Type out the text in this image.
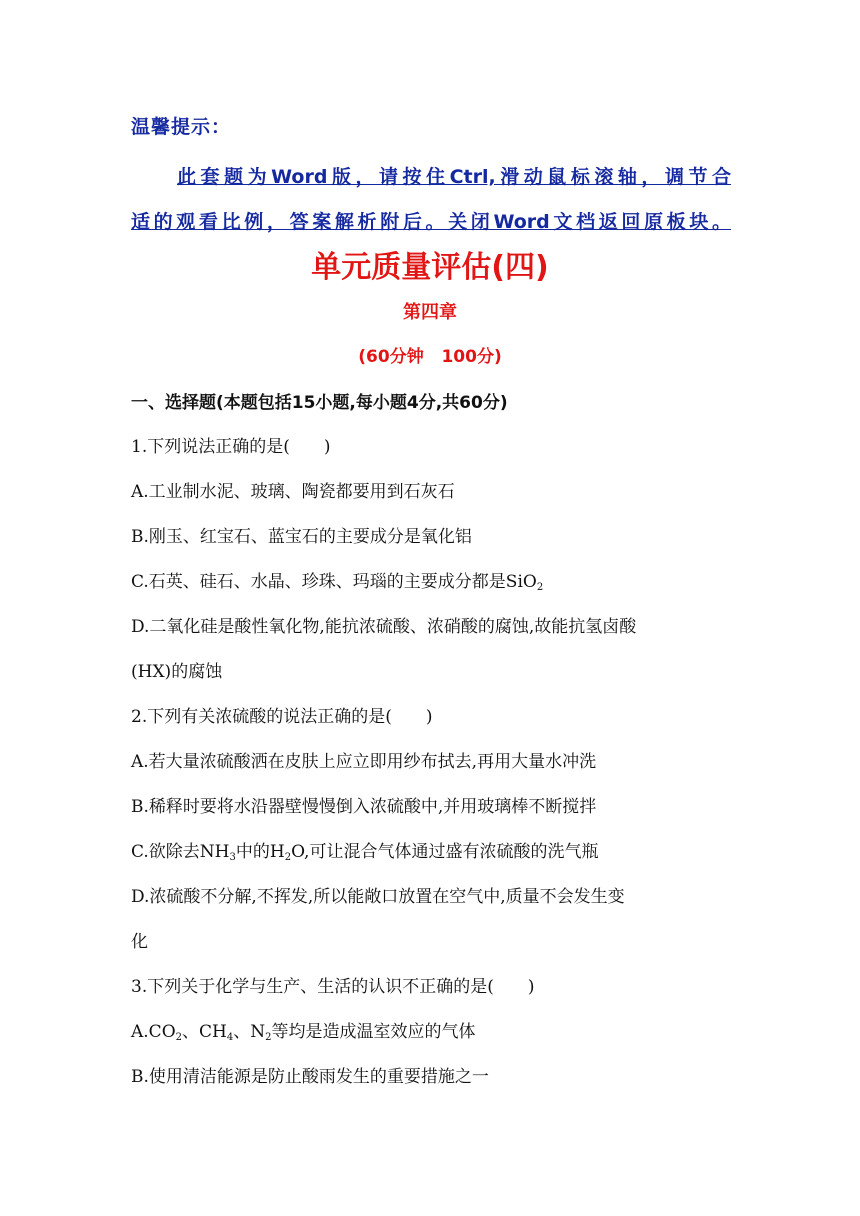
温馨提示：
此套题为Word版，请按住Ctrl,滑动鼠标滚轴，调节合
适的观看比例，答案解析附后。关闭Word文档返回原板块。
单元质量评估(四)
第四章
(60分钟   100分)
一、选择题(本题包括15小题,每小题4分,共60分)
1.下列说法正确的是(　　)
A.工业制水泥、玻璃、陶瓷都要用到石灰石
B.刚玉、红宝石、蓝宝石的主要成分是氧化铝
C.石英、硅石、水晶、珍珠、玛瑙的主要成分都是SiO$_2$
D.二氧化硅是酸性氧化物,能抗浓硫酸、浓硝酸的腐蚀,故能抗氢卤酸
(HX)的腐蚀
2.下列有关浓硫酸的说法正确的是(　　)
A.若大量浓硫酸洒在皮肤上应立即用纱布拭去,再用大量水冲洗
B.稀释时要将水沿器壁慢慢倒入浓硫酸中,并用玻璃棒不断搅拌
C.欲除去$NH_3$中的$H_2O$,可让混合气体通过盛有浓硫酸的洗气瓶
D.浓硫酸不分解,不挥发,所以能敞口放置在空气中,质量不会发生变
化
3.下列关于化学与生产、生活的认识不正确的是(　　)
$A.CO_2$、$CH_4$、$N_2$等均是造成温室效应的气体
B.使用清洁能源是防止酸雨发生的重要措施之一
